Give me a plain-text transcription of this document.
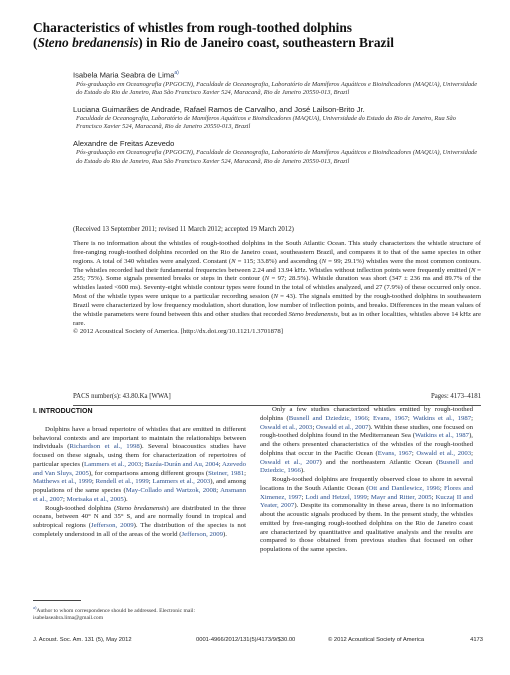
Characteristics of whistles from rough-toothed dolphins
(Steno bredanensis) in Rio de Janeiro coast, southeastern Brazil
Isabela Maria Seabra de Lima$^{a)}$
Pós-graduação em Oceanografia (PPGOCN), Faculdade de Oceanografia, Laboratório de Mamíferos Aquáticos e Bioindicadores (MAQUA), Universidade do Estado do Rio de Janeiro, Rua São Francisco Xavier 524, Maracanã, Rio de Janeiro 20550-013, Brazil
Luciana Guimarães de Andrade, Rafael Ramos de Carvalho, and José Lailson-Brito Jr.
Faculdade de Oceanografia, Laboratório de Mamíferos Aquáticos e Bioindicadores (MAQUA), Universidade do Estado do Rio de Janeiro, Rua São Francisco Xavier 524, Maracanã, Rio de Janeiro 20550-013, Brazil
Alexandre de Freitas Azevedo
Pós-graduação em Oceanografia (PPGOCN), Faculdade de Oceanografia, Laboratório de Mamíferos Aquáticos e Bioindicadores (MAQUA), Universidade do Estado do Rio de Janeiro, Rua São Francisco Xavier 524, Maracanã, Rio de Janeiro 20550-013, Brazil
(Received 13 September 2011; revised 11 March 2012; accepted 19 March 2012)
There is no information about the whistles of rough-toothed dolphins in the South Atlantic Ocean. This study characterizes the whistle structure of free-ranging rough-toothed dolphins recorded on the Rio de Janeiro coast, southeastern Brazil, and compares it to that of the same species in other regions. A total of 340 whistles were analyzed. Constant (N = 115; 33.8%) and ascending (N = 99; 29.1%) whistles were the most common contours. The whistles recorded had their fundamental frequencies between 2.24 and 13.94 kHz. Whistles without inflection points were frequently emitted (N = 255; 75%). Some signals presented breaks or steps in their contour (N = 97; 28.5%). Whistle duration was short (347 ± 236 ms and 89.7% of the whistles lasted <600 ms). Seventy-eight whistle contour types were found in the total of whistles analyzed, and 27 (7.9%) of these occurred only once. Most of the whistle types were unique to a particular recording session (N = 43). The signals emitted by the rough-toothed dolphins in southeastern Brazil were characterized by low frequency modulation, short duration, low number of inflection points, and breaks. Differences in the mean values of the whistle parameters were found between this and other studies that recorded Steno bredanensis, but as in other localities, whistles above 14 kHz are rare.
© 2012 Acoustical Society of America. [http://dx.doi.org/10.1121/1.3701878]
PACS number(s): 43.80.Ka [WWA]	Pages: 4173–4181
I. INTRODUCTION
Dolphins have a broad repertoire of whistles that are emitted in different behavioral contexts and are important to maintain the relationships between individuals (Richardson et al., 1998). Several bioacoustics studies have focused on these signals, using them for characterization of repertoires of particular species (Lammers et al., 2003; Bazúa-Durán and Au, 2004; Azevedo and Van Sluys, 2005), for comparisons among different groups (Steiner, 1981; Matthews et al., 1999; Rendell et al., 1999; Lammers et al., 2003), and among populations of the same species (May-Collado and Wartzok, 2008; Ansmann et al., 2007; Morisaka et al., 2005).
Rough-toothed dolphins (Steno bredanensis) are distributed in the three oceans, between 40° N and 35° S, and are normally found in tropical and subtropical regions (Jefferson, 2009). The distribution of the species is not completely understood in all of the areas of the world (Jefferson, 2009).
Only a few studies characterized whistles emitted by rough-toothed dolphins (Busnell and Dziedzic, 1966; Evans, 1967; Watkins et al., 1987; Oswald et al., 2003; Oswald et al., 2007). Within these studies, one focused on rough-toothed dolphins found in the Mediterranean Sea (Watkins et al., 1987), and the others presented characteristics of the whistles of the rough-toothed dolphins that occur in the Pacific Ocean (Evans, 1967; Oswald et al., 2003; Oswald et al., 2007) and the northeastern Atlantic Ocean (Busnell and Dziedzic, 1966).
Rough-toothed dolphins are frequently observed close to shore in several locations in the South Atlantic Ocean (Ott and Danilewicz, 1996; Flores and Ximenez, 1997; Lodi and Hetzel, 1999; Mayr and Ritter, 2005; Kuczaj II and Yeater, 2007). Despite its commonality in these areas, there is no information about the acoustic signals produced by them. In the present study, the whistles emitted by free-ranging rough-toothed dolphins on the Rio de Janeiro coast are characterized by quantitative and qualitative analysis and the results are compared to those obtained from previous studies that focused on other populations of the same species.
$^{a)}$Author to whom correspondence should be addressed. Electronic mail: isabelaseabra.lima@gmail.com
J. Acoust. Soc. Am. 131 (5), May 2012	0001-4966/2012/131(5)/4173/9/$30.00	© 2012 Acoustical Society of America	4173
